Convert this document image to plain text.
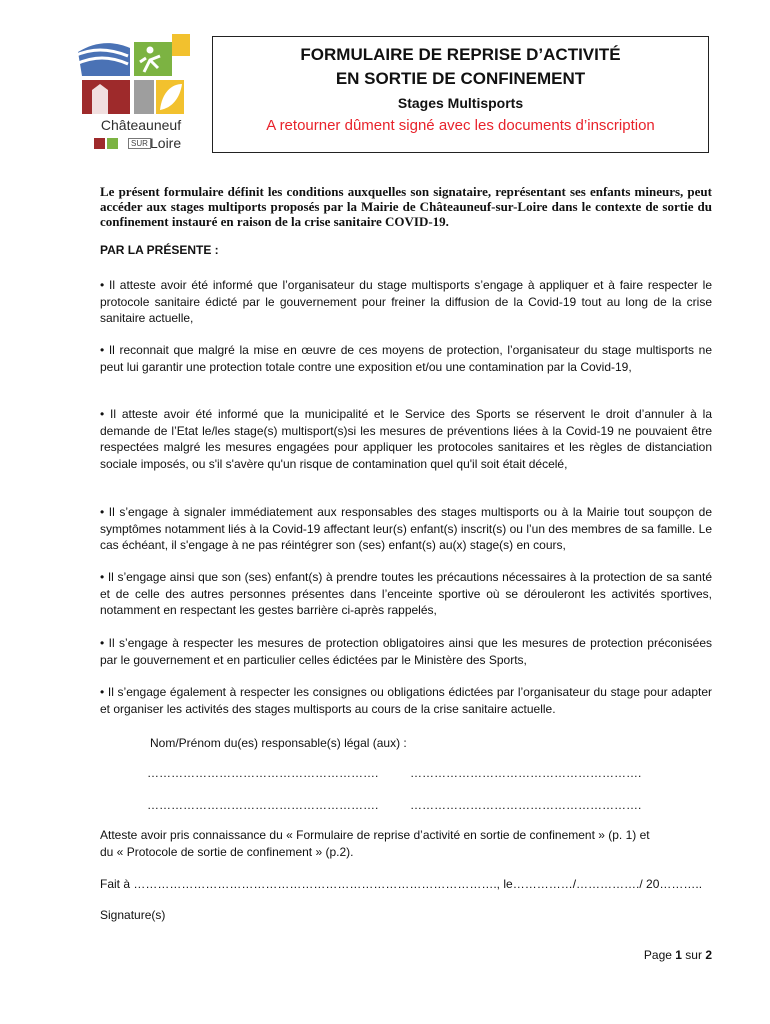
Châteauneuf
SUR Loire
FORMULAIRE DE REPRISE D’ACTIVITÉ
EN SORTIE DE CONFINEMENT
Stages Multisports
A retourner dûment signé avec les documents d’inscription
Le présent formulaire définit les conditions auxquelles son signataire, représentant ses enfants mineurs, peut accéder aux stages multiports proposés par la Mairie de Châteauneuf-sur-Loire dans le contexte de sortie du confinement instauré en raison de la crise sanitaire COVID-19.
PAR LA PRÉSENTE :
• Il atteste avoir été informé que l’organisateur du stage multisports s’engage à appliquer et à faire respecter le protocole sanitaire édicté par le gouvernement pour freiner la diffusion de la Covid-19 tout au long de la crise sanitaire actuelle,
• Il reconnait que malgré la mise en œuvre de ces moyens de protection, l’organisateur du stage multisports ne peut lui garantir une protection totale contre une exposition et/ou une contamination par la Covid-19,
• Il atteste avoir été informé que la municipalité et le Service des Sports se réservent le droit d’annuler à la demande de l’Etat le/les stage(s) multisport(s)si les mesures de préventions liées à la Covid-19 ne pouvaient être respectées malgré les mesures engagées pour appliquer les protocoles sanitaires et les règles de distanciation sociale imposés, ou s'il s'avère qu'un risque de contamination quel qu'il soit était décelé,
• Il s’engage à signaler immédiatement aux responsables des stages multisports ou à la Mairie tout soupçon de symptômes notamment liés à la Covid-19 affectant leur(s) enfant(s) inscrit(s) ou l’un des membres de sa famille. Le cas échéant, il s'engage à ne pas réintégrer son (ses) enfant(s) au(x) stage(s) en cours,
• Il s’engage ainsi que son (ses) enfant(s) à prendre toutes les précautions nécessaires à la protection de sa santé et de celle des autres personnes présentes dans l’enceinte sportive où se dérouleront les activités sportives, notamment en respectant les gestes barrière ci-après rappelés,
• Il s’engage à respecter les mesures de protection obligatoires ainsi que les mesures de protection préconisées par le gouvernement et en particulier celles édictées par le Ministère des Sports,
• Il s’engage également à respecter les consignes ou obligations édictées par l’organisateur du stage pour adapter et organiser les activités des stages multisports au cours de la crise sanitaire actuelle.
Nom/Prénom du(es) responsable(s) légal (aux) :
………………………………………………….	………………………………………………….
………………………………………………….	………………………………………………….
Atteste avoir pris connaissance du « Formulaire de reprise d’activité en sortie de confinement » (p. 1) et
du « Protocole de sortie de confinement » (p.2).
Fait à ………………………………………………………………………………., le……………/……………./ 20………..
Signature(s)
Page 1 sur 2
